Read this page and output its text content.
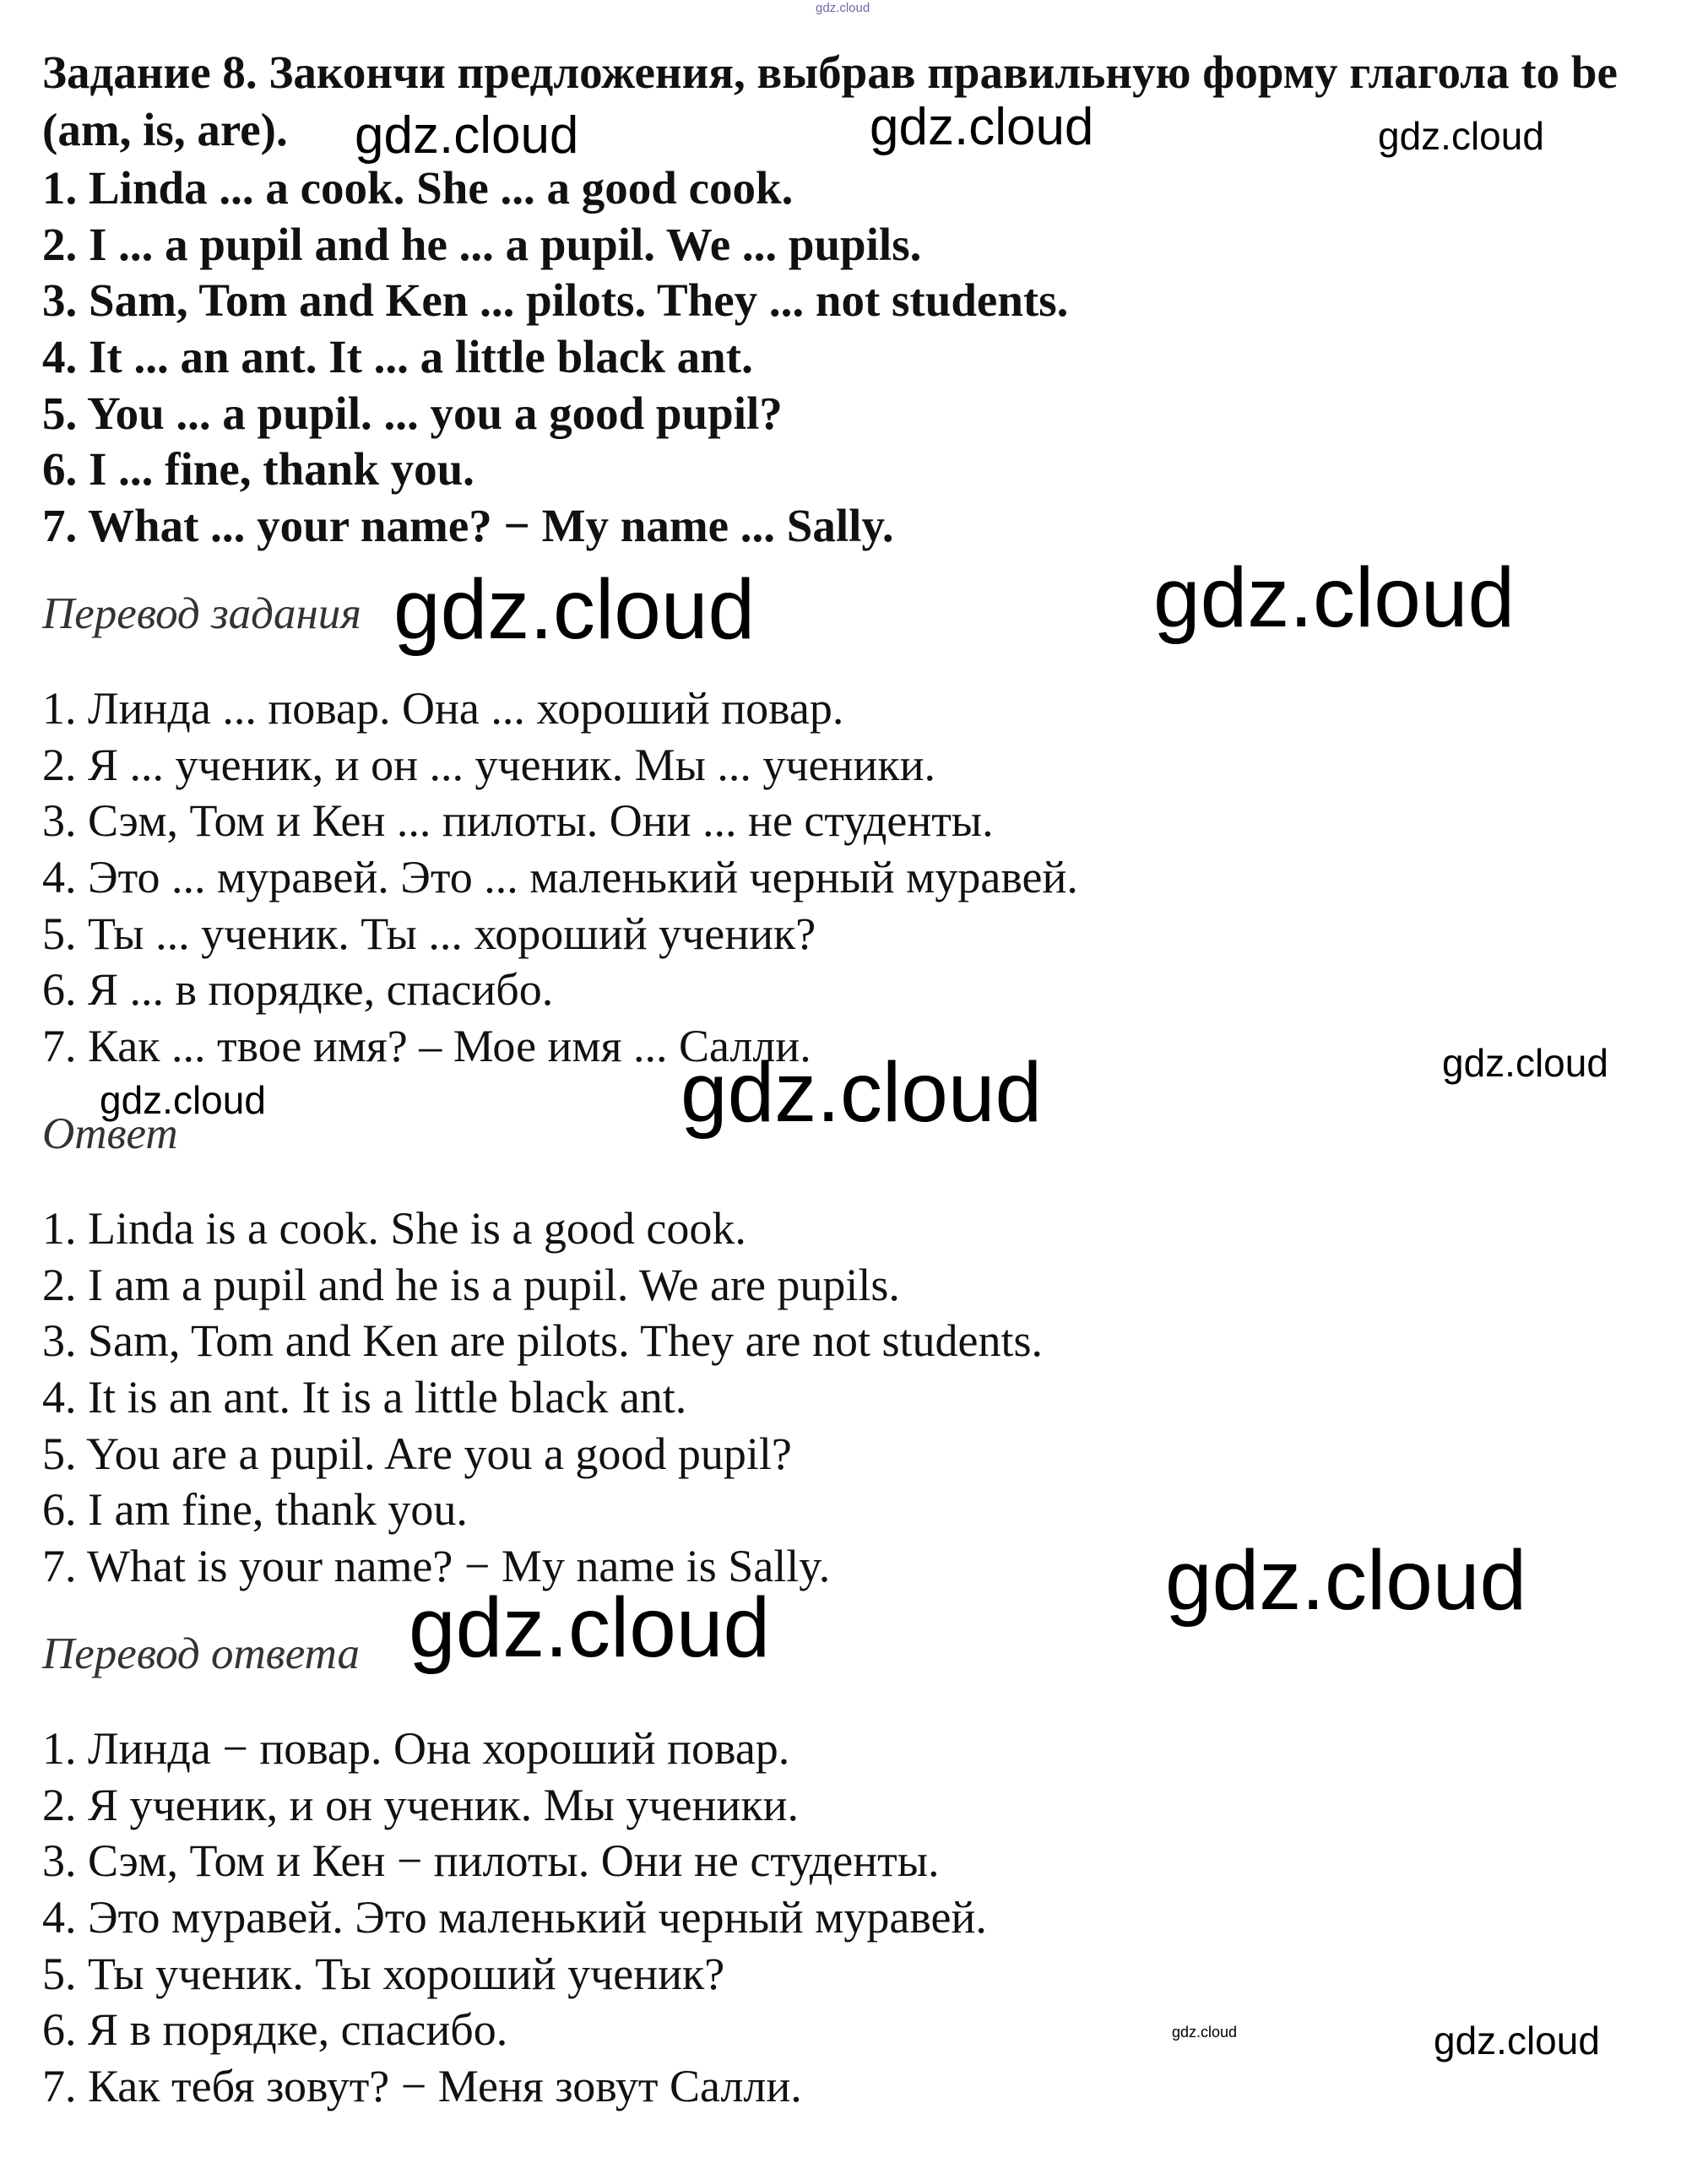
Задание 8. Закончи предложения, выбрав правильную форму глагола to be (am, is, are).

1. Linda ... a cook. She ... a good cook.

2. I ... a pupil and he ... a pupil. We ... pupils.

3. Sam, Tom and Ken ... pilots. They ... not students.

4. It ... an ant. It ... a little black ant.

5. You ... a pupil. ... you a good pupil?

6. I ... fine, thank you.

7. What ... your name? − My name ... Sally.

Перевод задания

1. Линда ... повар. Она ... хороший повар.

2. Я ... ученик, и он ... ученик. Мы ... ученики.

3. Сэм, Том и Кен ... пилоты. Они ... не студенты.

4. Это ... муравей. Это ... маленький черный муравей.

5. Ты ... ученик. Ты ... хороший ученик?

6. Я ... в порядке, спасибо.

7. Как ... твое имя? – Мое имя ... Салли.

Ответ

1. Linda is a cook. She is a good cook.

2. I am a pupil and he is a pupil. We are pupils.

3. Sam, Tom and Ken are pilots. They are not students.

4. It is an ant. It is a little black ant.

5. You are a pupil. Are you a good pupil?

6. I am fine, thank you.

7. What is your name? − My name is Sally.

Перевод ответа

1. Линда − повар. Она хороший повар.

2. Я ученик, и он ученик. Мы ученики.

3. Сэм, Том и Кен − пилоты. Они не студенты.

4. Это муравей. Это маленький черный муравей.

5. Ты ученик. Ты хороший ученик?

6. Я в порядке, спасибо.

7. Как тебя зовут? − Меня зовут Салли.

gdz.cloud
gdz.cloud	gdz.cloud	gdz.cloud
gdz.cloud	gdz.cloud
gdz.cloud	gdz.cloud	gdz.cloud
gdz.cloud
gdz.cloud
gdz.cloud	gdz.cloud
